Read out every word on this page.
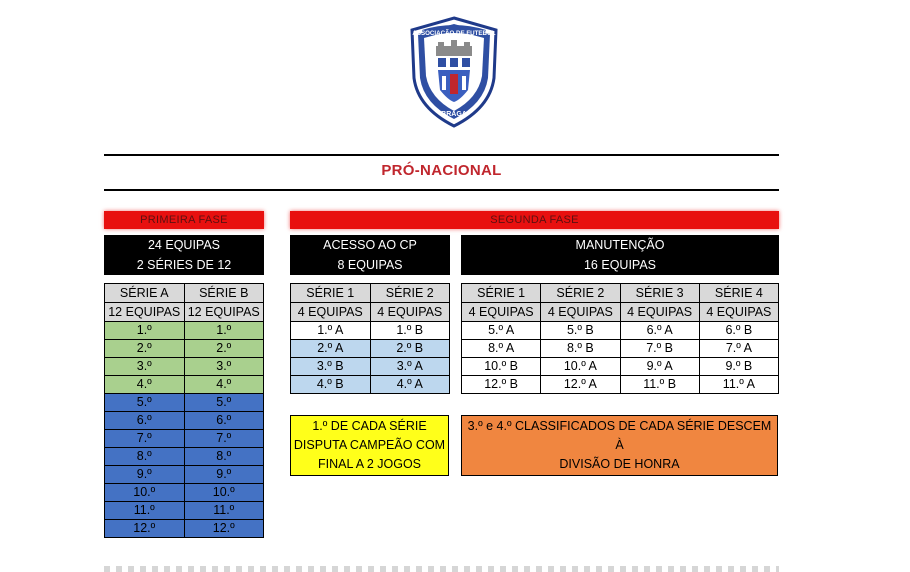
ASSOCIAÇÃO DE FUTEBOL
BRAGA
PRÓ-NACIONAL
PRIMEIRA FASE
24 EQUIPAS
2 SÉRIES DE 12
SÉRIE A	SÉRIE B
12 EQUIPAS	12 EQUIPAS
1.º	1.º
2.º	2.º
3.º	3.º
4.º	4.º
5.º	5.º
6.º	6.º
7.º	7.º
8.º	8.º
9.º	9.º
10.º	10.º
11.º	11.º
12.º	12.º
SEGUNDA FASE
ACESSO AO CP
8 EQUIPAS
SÉRIE 1	SÉRIE 2
4 EQUIPAS	4 EQUIPAS
1.º A	1.º B
2.º A	2.º B
3.º B	3.º A
4.º B	4.º A
MANUTENÇÃO
16 EQUIPAS
SÉRIE 1	SÉRIE 2	SÉRIE 3	SÉRIE 4
4 EQUIPAS	4 EQUIPAS	4 EQUIPAS	4 EQUIPAS
5.º A	5.º B	6.º A	6.º B
8.º A	8.º B	7.º B	7.º A
10.º B	10.º A	9.º A	9.º B
12.º B	12.º A	11.º B	11.º A
1.º DE CADA SÉRIE
DISPUTA CAMPEÃO COM
FINAL A 2 JOGOS
3.º e 4.º CLASSIFICADOS DE CADA SÉRIE DESCEM À
DIVISÃO DE HONRA
